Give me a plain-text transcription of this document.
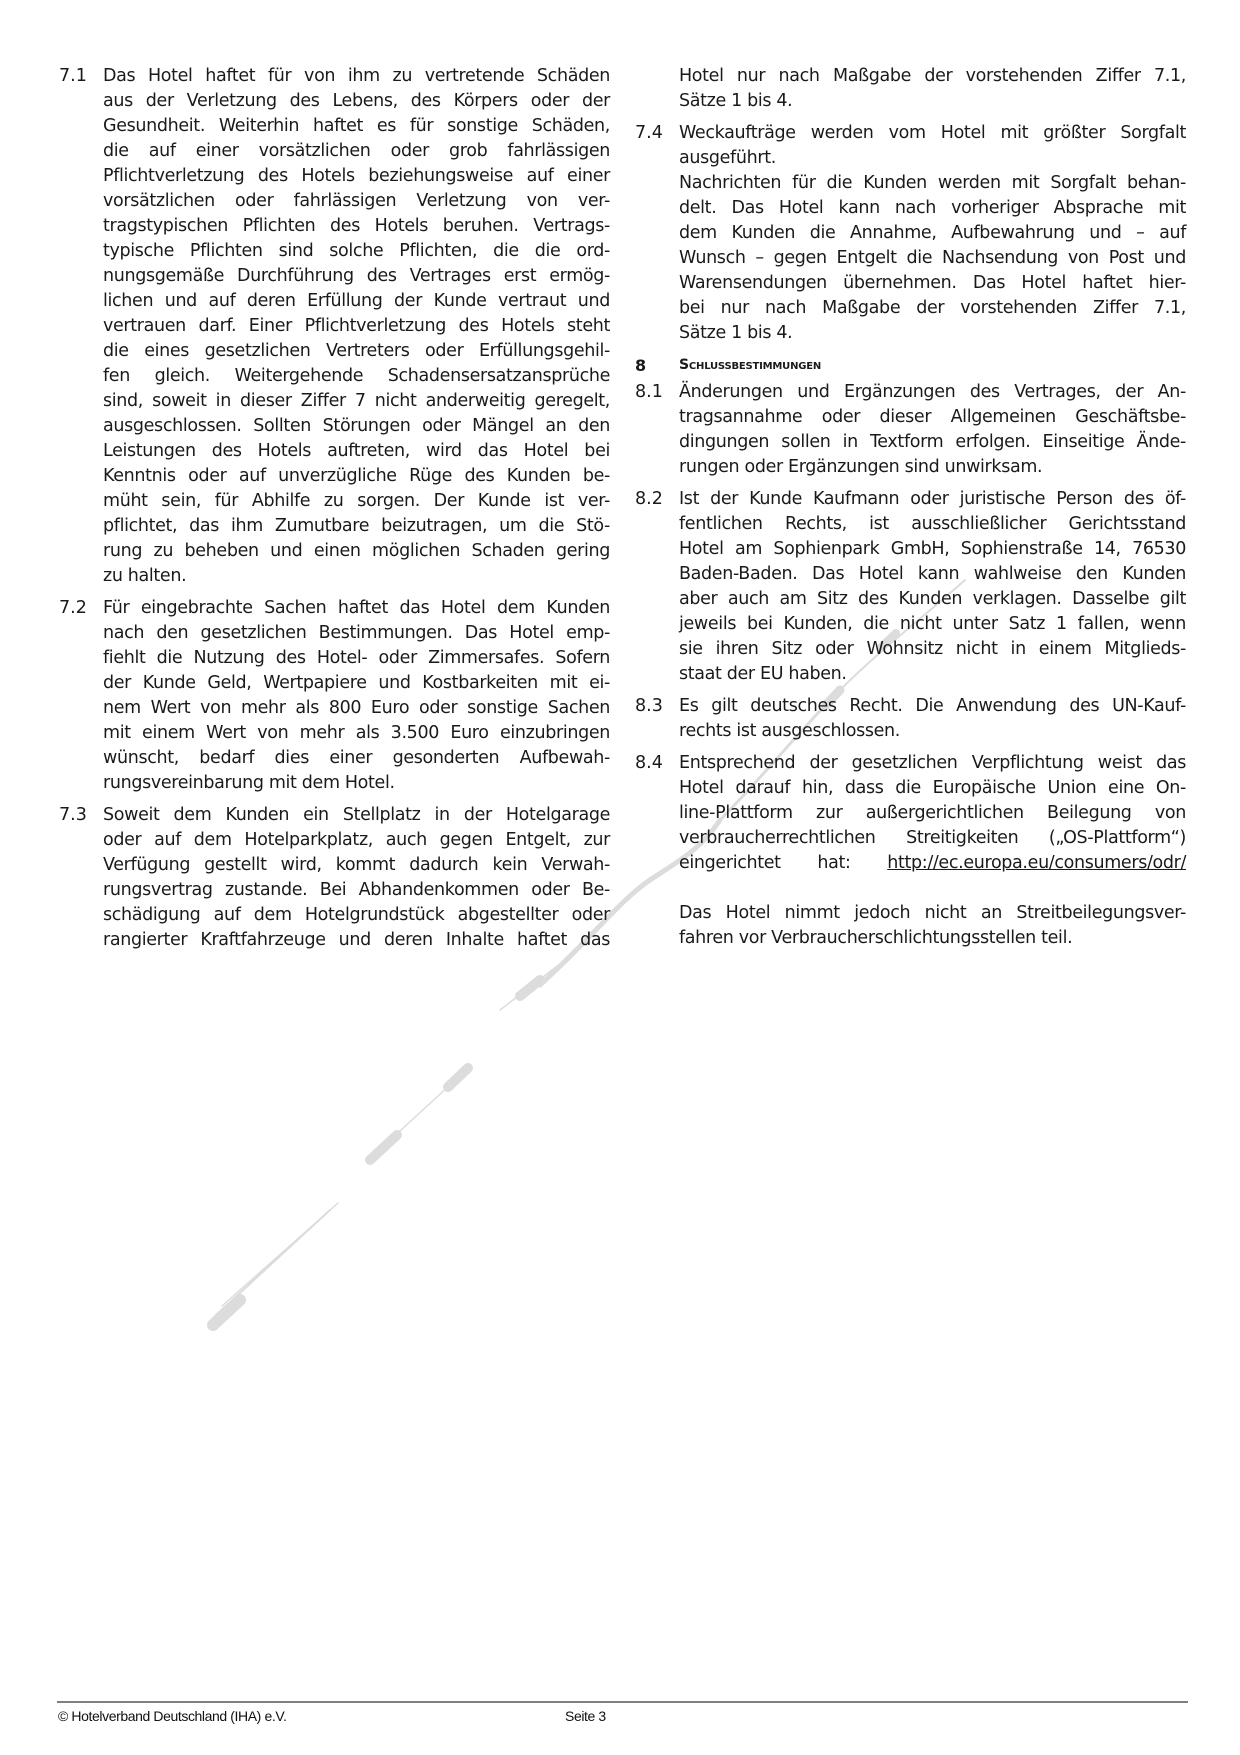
7.1 Das Hotel haftet für von ihm zu vertretende Schäden
aus der Verletzung des Lebens, des Körpers oder der
Gesundheit. Weiterhin haftet es für sonstige Schäden,
die auf einer vorsätzlichen oder grob fahrlässigen
Pflichtverletzung des Hotels beziehungsweise auf einer
vorsätzlichen oder fahrlässigen Verletzung von ver-
tragstypischen Pflichten des Hotels beruhen. Vertrags-
typische Pflichten sind solche Pflichten, die die ord-
nungsgemäße Durchführung des Vertrages erst ermög-
lichen und auf deren Erfüllung der Kunde vertraut und
vertrauen darf. Einer Pflichtverletzung des Hotels steht
die eines gesetzlichen Vertreters oder Erfüllungsgehil-
fen gleich. Weitergehende Schadensersatzansprüche
sind, soweit in dieser Ziffer 7 nicht anderweitig geregelt,
ausgeschlossen. Sollten Störungen oder Mängel an den
Leistungen des Hotels auftreten, wird das Hotel bei
Kenntnis oder auf unverzügliche Rüge des Kunden be-
müht sein, für Abhilfe zu sorgen. Der Kunde ist ver-
pflichtet, das ihm Zumutbare beizutragen, um die Stö-
rung zu beheben und einen möglichen Schaden gering
zu halten.
7.2 Für eingebrachte Sachen haftet das Hotel dem Kunden
nach den gesetzlichen Bestimmungen. Das Hotel emp-
fiehlt die Nutzung des Hotel- oder Zimmersafes. Sofern
der Kunde Geld, Wertpapiere und Kostbarkeiten mit ei-
nem Wert von mehr als 800 Euro oder sonstige Sachen
mit einem Wert von mehr als 3.500 Euro einzubringen
wünscht, bedarf dies einer gesonderten Aufbewah-
rungsvereinbarung mit dem Hotel.
7.3 Soweit dem Kunden ein Stellplatz in der Hotelgarage
oder auf dem Hotelparkplatz, auch gegen Entgelt, zur
Verfügung gestellt wird, kommt dadurch kein Verwah-
rungsvertrag zustande. Bei Abhandenkommen oder Be-
schädigung auf dem Hotelgrundstück abgestellter oder
rangierter Kraftfahrzeuge und deren Inhalte haftet das
Hotel nur nach Maßgabe der vorstehenden Ziffer 7.1,
Sätze 1 bis 4.
7.4 Weckaufträge werden vom Hotel mit größter Sorgfalt
ausgeführt.
Nachrichten für die Kunden werden mit Sorgfalt behan-
delt. Das Hotel kann nach vorheriger Absprache mit
dem Kunden die Annahme, Aufbewahrung und – auf
Wunsch – gegen Entgelt die Nachsendung von Post und
Warensendungen übernehmen. Das Hotel haftet hier-
bei nur nach Maßgabe der vorstehenden Ziffer 7.1,
Sätze 1 bis 4.
8 Schlussbestimmungen
8.1 Änderungen und Ergänzungen des Vertrages, der An-
tragsannahme oder dieser Allgemeinen Geschäftsbe-
dingungen sollen in Textform erfolgen. Einseitige Ände-
rungen oder Ergänzungen sind unwirksam.
8.2 Ist der Kunde Kaufmann oder juristische Person des öf-
fentlichen Rechts, ist ausschließlicher Gerichtsstand
Hotel am Sophienpark GmbH, Sophienstraße 14, 76530
Baden-Baden. Das Hotel kann wahlweise den Kunden
aber auch am Sitz des Kunden verklagen. Dasselbe gilt
jeweils bei Kunden, die nicht unter Satz 1 fallen, wenn
sie ihren Sitz oder Wohnsitz nicht in einem Mitglieds-
staat der EU haben.
8.3 Es gilt deutsches Recht. Die Anwendung des UN-Kauf-
rechts ist ausgeschlossen.
8.4 Entsprechend der gesetzlichen Verpflichtung weist das
Hotel darauf hin, dass die Europäische Union eine On-
line-Plattform zur außergerichtlichen Beilegung von
verbraucherrechtlichen Streitigkeiten („OS-Plattform“)
eingerichtet hat: http://ec.europa.eu/consumers/odr/
Das Hotel nimmt jedoch nicht an Streitbeilegungsver-
fahren vor Verbraucherschlichtungsstellen teil.
© Hotelverband Deutschland (IHA) e.V.	Seite 3
